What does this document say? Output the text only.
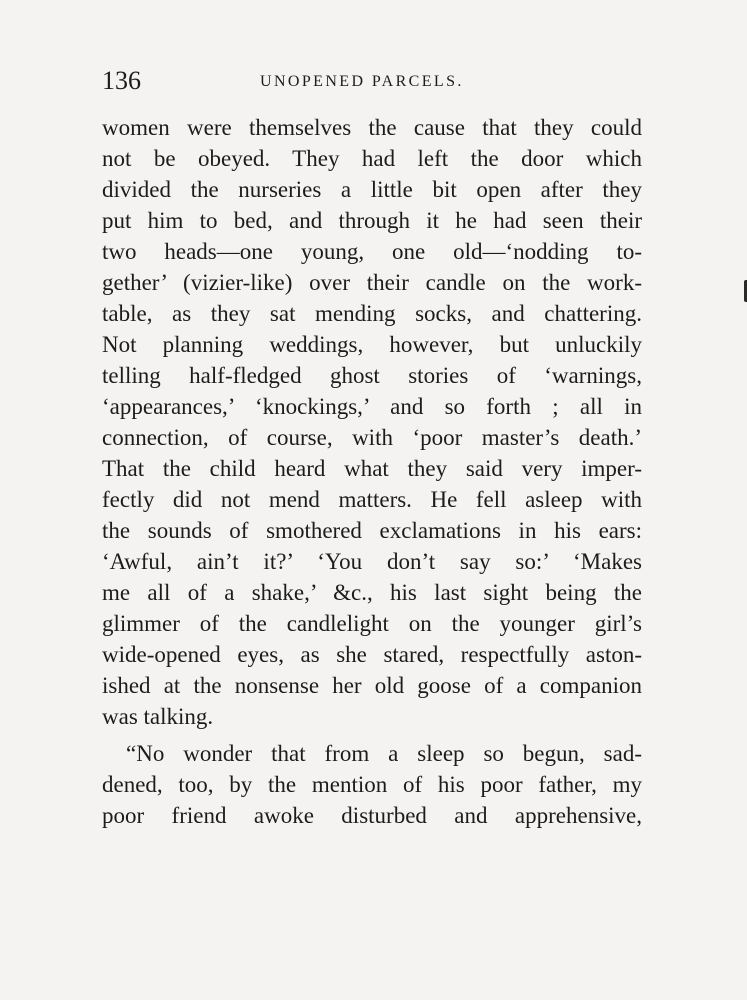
136	UNOPENED PARCELS.
women were themselves the cause that they could
not be obeyed. They had left the door which
divided the nurseries a little bit open after they
put him to bed, and through it he had seen their
two heads—one young, one old—‘nodding to-
gether’ (vizier-like) over their candle on the work-
table, as they sat mending socks, and chattering.
Not planning weddings, however, but unluckily
telling half-fledged ghost stories of ‘warnings,
‘appearances,’ ‘knockings,’ and so forth ; all in
connection, of course, with ‘poor master’s death.’
That the child heard what they said very imper-
fectly did not mend matters. He fell asleep with
the sounds of smothered exclamations in his ears:
‘Awful, ain’t it?’ ‘You don’t say so:’ ‘Makes
me all of a shake,’ &c., his last sight being the
glimmer of the candlelight on the younger girl’s
wide-opened eyes, as she stared, respectfully aston-
ished at the nonsense her old goose of a companion
was talking.
“No wonder that from a sleep so begun, sad-
dened, too, by the mention of his poor father, my
poor friend awoke disturbed and apprehensive,
